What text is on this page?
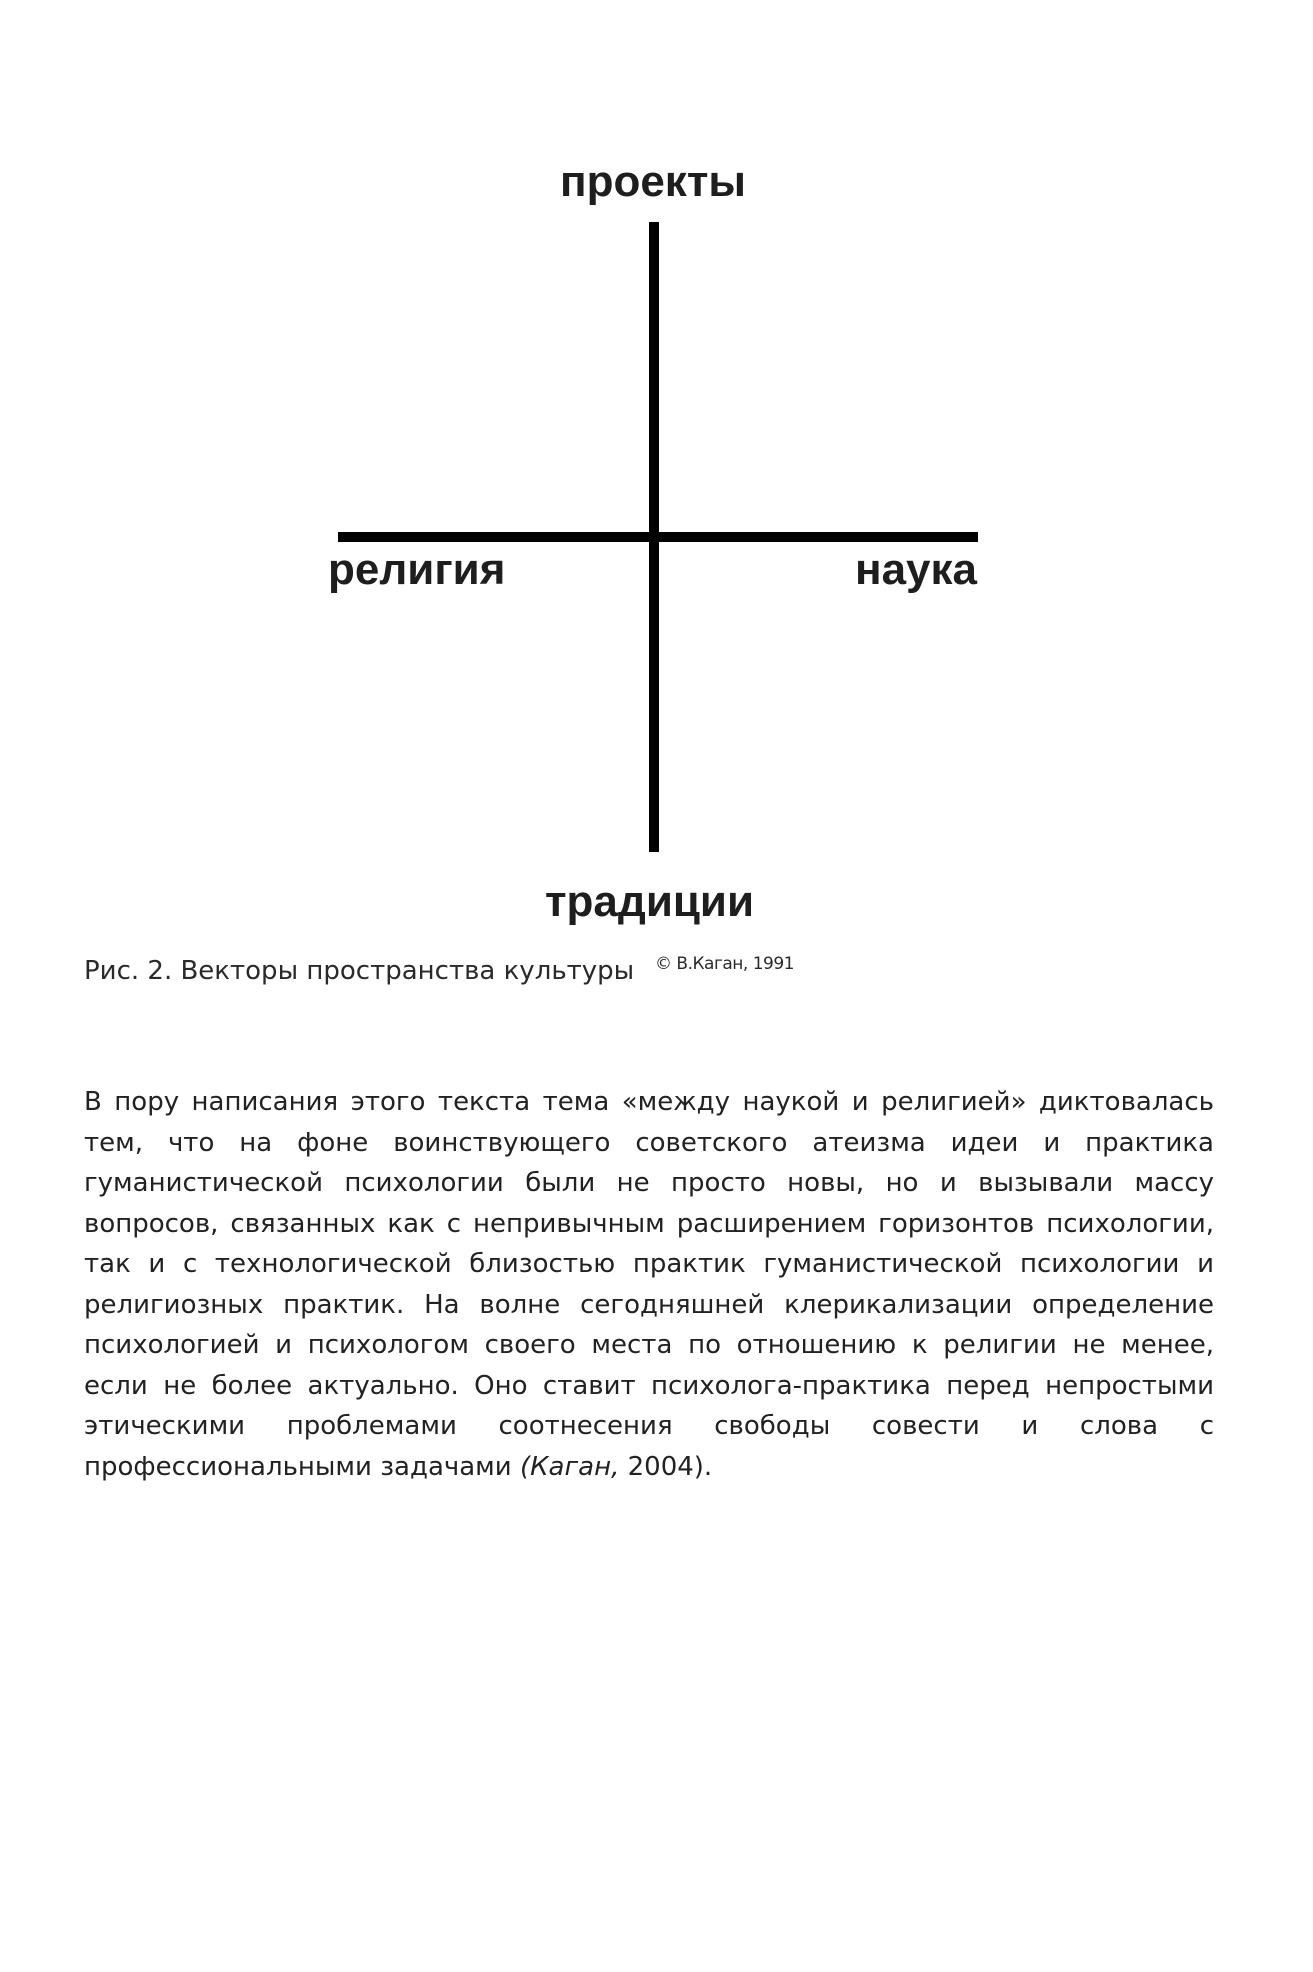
проекты
традиции
религия	наука
Рис. 2. Векторы пространства культуры © В.Каган, 1991
В пору написания этого текста тема «между наукой и религией» диктовалась
тем, что на фоне воинствующего советского атеизма идеи и практика
гуманистической психологии были не просто новы, но и вызывали массу
вопросов, связанных как с непривычным расширением горизонтов психологии,
так и с технологической близостью практик гуманистической психологии и
религиозных практик. На волне сегодняшней клерикализации определение
психологией и психологом своего места по отношению к религии не менее,
если не более актуально. Оно ставит психолога-практика перед непростыми
этическими проблемами соотнесения свободы совести и слова с
профессиональными задачами (Каган, 2004).
